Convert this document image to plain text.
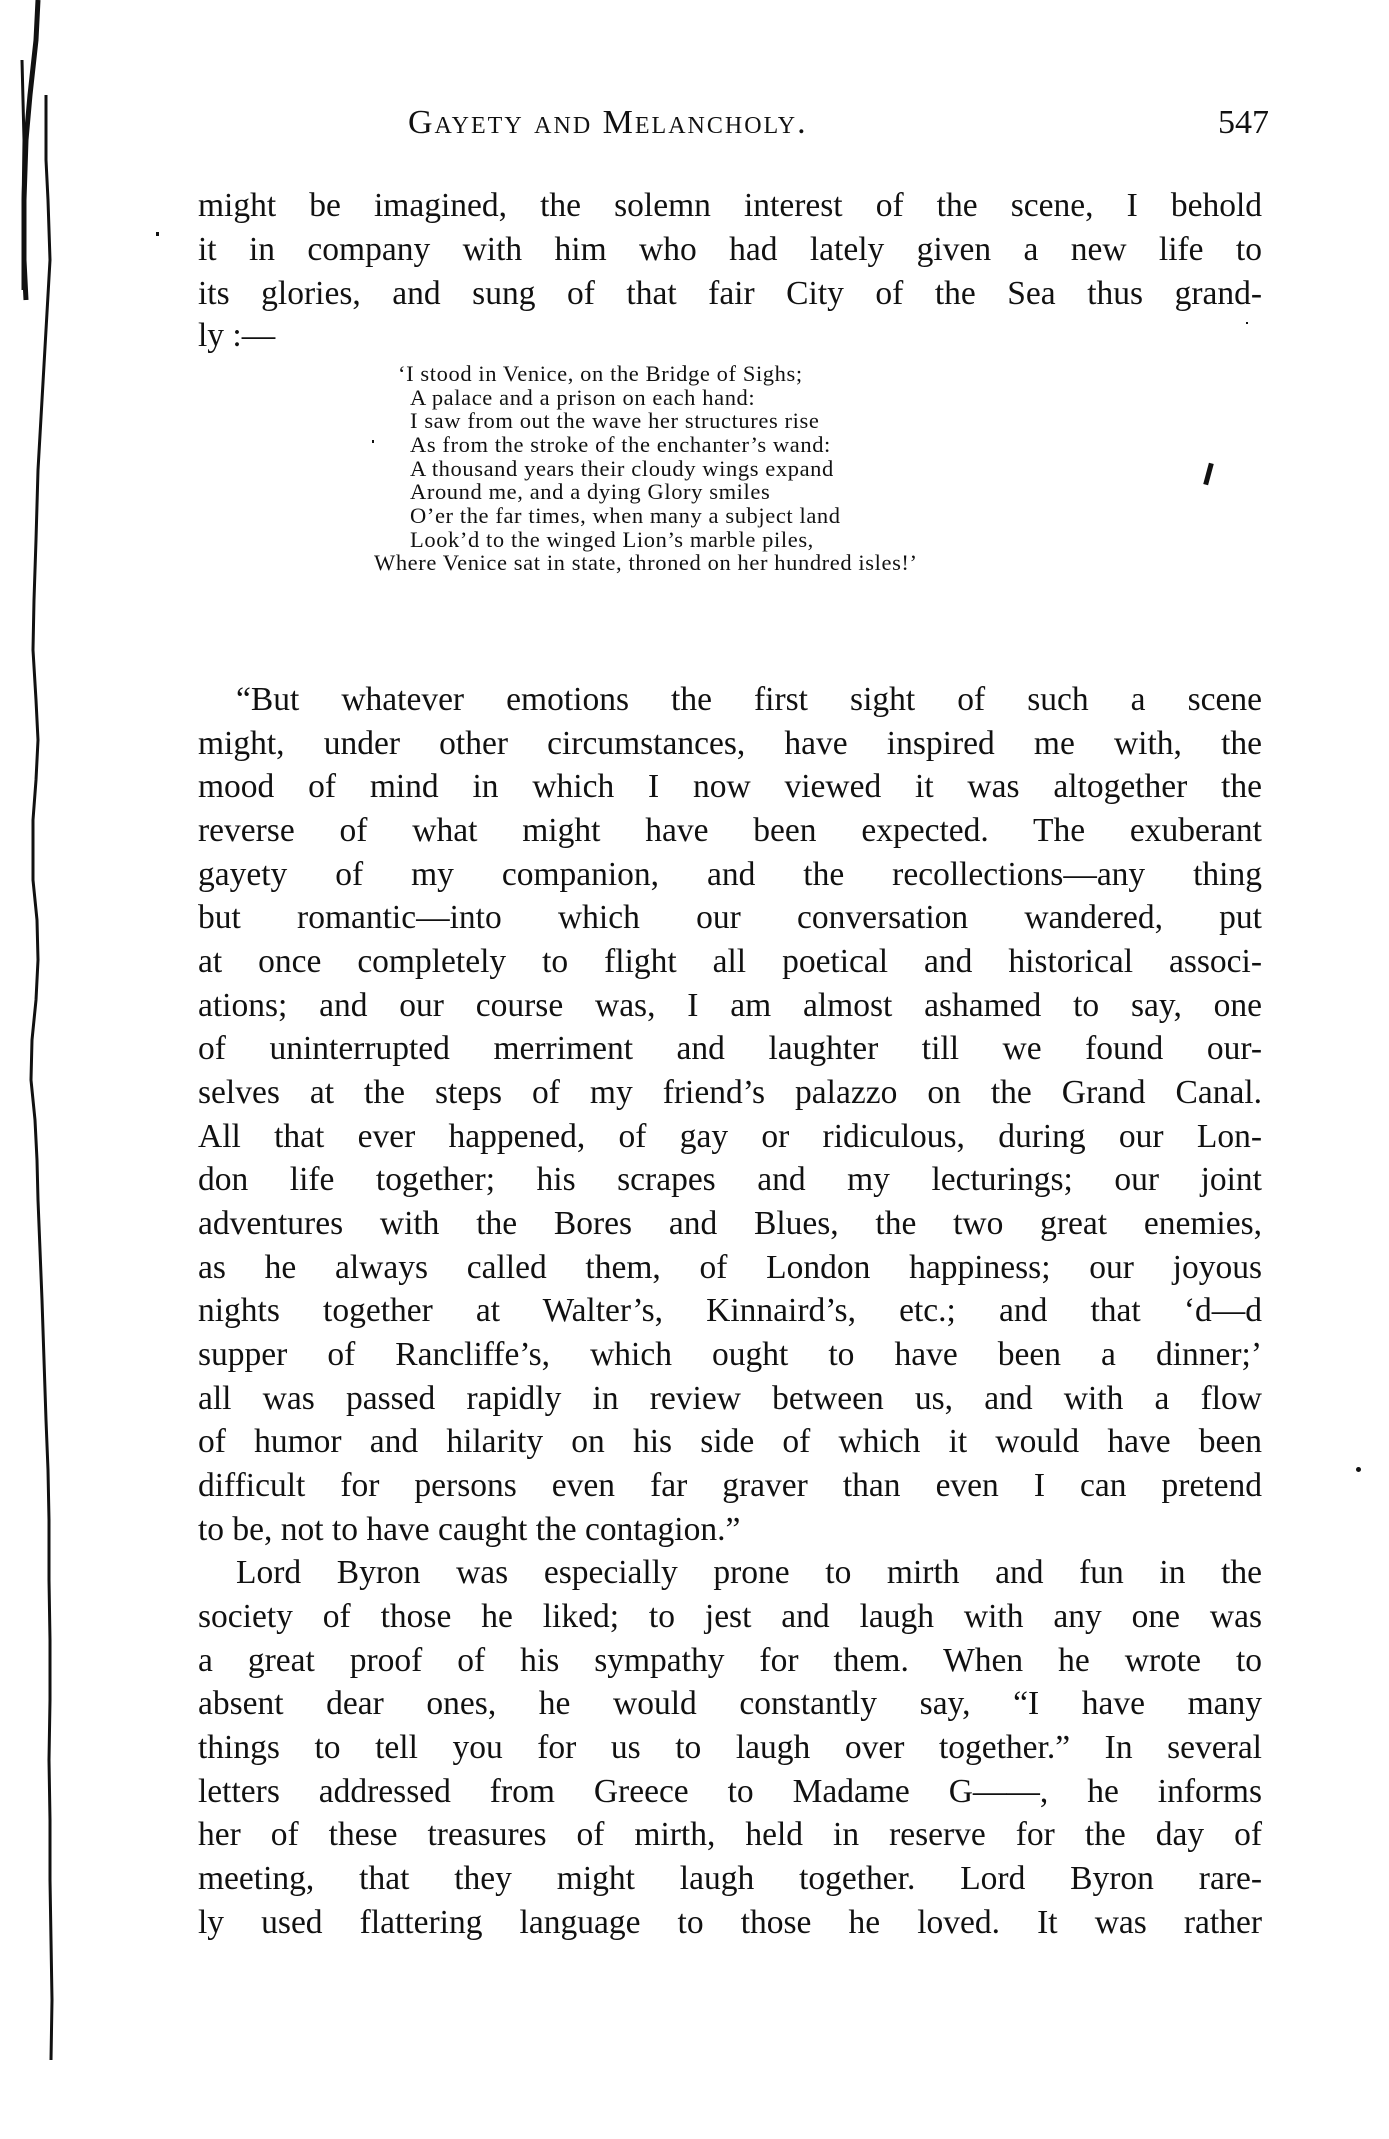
Gayety and Melancholy.	547
might be imagined, the solemn interest of the scene, I behold
it in company with him who had lately given a new life to
its glories, and sung of that fair City of the Sea thus grand-
ly :—
‘I stood in Venice, on the Bridge of Sighs;
A palace and a prison on each hand:
I saw from out the wave her structures rise
As from the stroke of the enchanter’s wand:
A thousand years their cloudy wings expand
Around me, and a dying Glory smiles
O’er the far times, when many a subject land
Look’d to the winged Lion’s marble piles,
Where Venice sat in state, throned on her hundred isles!’
“But whatever emotions the first sight of such a scene
might, under other circumstances, have inspired me with, the
mood of mind in which I now viewed it was altogether the
reverse of what might have been expected. The exuberant
gayety of my companion, and the recollections—any thing
but romantic—into which our conversation wandered, put
at once completely to flight all poetical and historical associ-
ations; and our course was, I am almost ashamed to say, one
of uninterrupted merriment and laughter till we found our-
selves at the steps of my friend’s palazzo on the Grand Canal.
All that ever happened, of gay or ridiculous, during our Lon-
don life together; his scrapes and my lecturings; our joint
adventures with the Bores and Blues, the two great enemies,
as he always called them, of London happiness; our joyous
nights together at Walter’s, Kinnaird’s, etc.; and that ‘d—d
supper of Rancliffe’s, which ought to have been a dinner;’
all was passed rapidly in review between us, and with a flow
of humor and hilarity on his side of which it would have been
difficult for persons even far graver than even I can pretend
to be, not to have caught the contagion.”
Lord Byron was especially prone to mirth and fun in the
society of those he liked; to jest and laugh with any one was
a great proof of his sympathy for them. When he wrote to
absent dear ones, he would constantly say, “I have many
things to tell you for us to laugh over together.” In several
letters addressed from Greece to Madame G——, he informs
her of these treasures of mirth, held in reserve for the day of
meeting, that they might laugh together. Lord Byron rare-
ly used flattering language to those he loved. It was rather
